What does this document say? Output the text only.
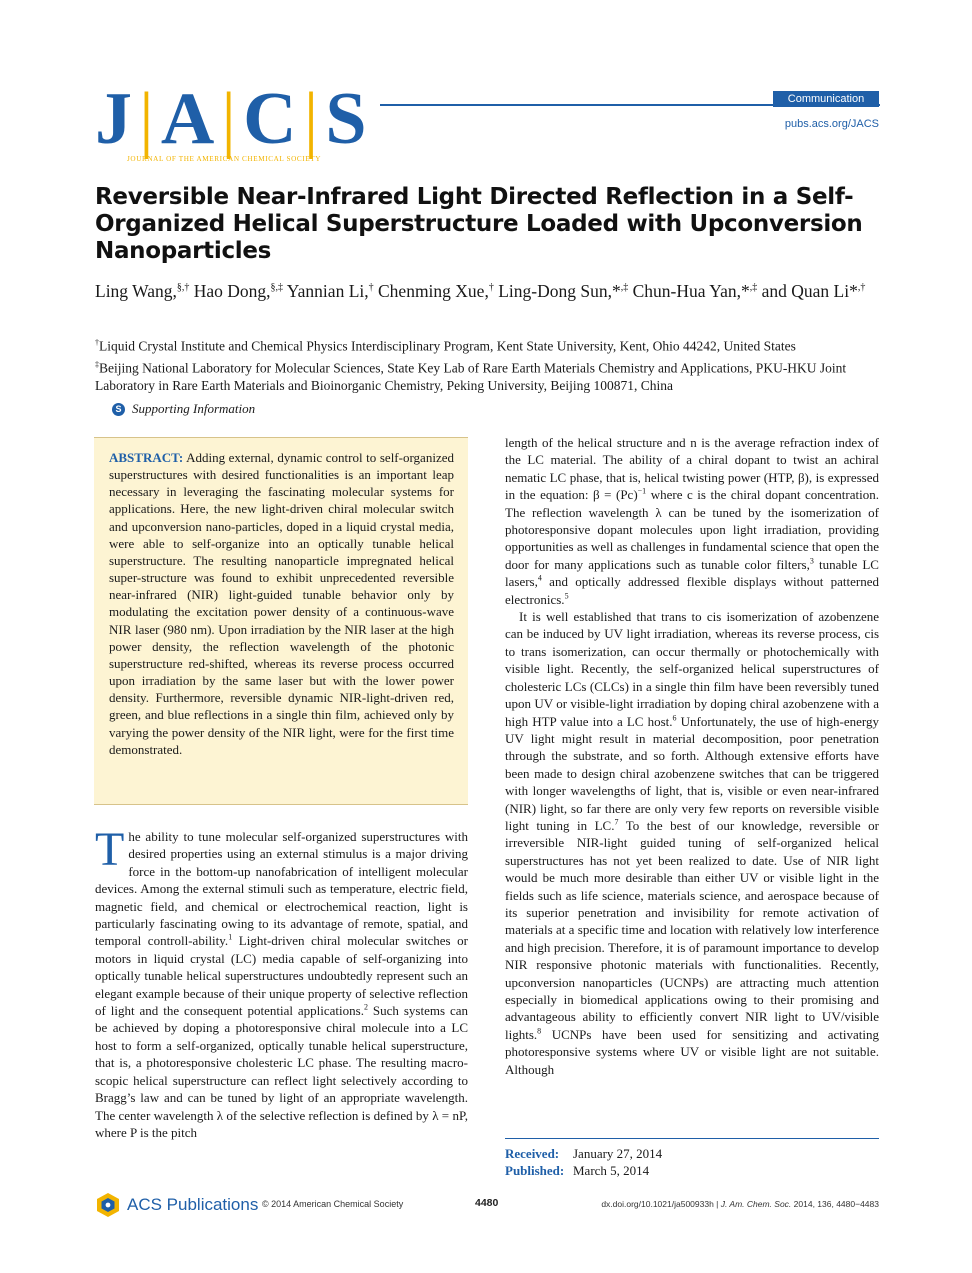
J|A|C|S
JOURNAL OF THE AMERICAN CHEMICAL SOCIETY
Communication
pubs.acs.org/JACS
Reversible Near-Infrared Light Directed Reflection in a Self-Organized Helical Superstructure Loaded with Upconversion Nanoparticles
Ling Wang,§,† Hao Dong,§,‡ Yannian Li,† Chenming Xue,† Ling-Dong Sun,*,‡ Chun-Hua Yan,*,‡ and Quan Li*,†
†Liquid Crystal Institute and Chemical Physics Interdisciplinary Program, Kent State University, Kent, Ohio 44242, United States
‡Beijing National Laboratory for Molecular Sciences, State Key Lab of Rare Earth Materials Chemistry and Applications, PKU-HKU Joint Laboratory in Rare Earth Materials and Bioinorganic Chemistry, Peking University, Beijing 100871, China
S Supporting Information
ABSTRACT: Adding external, dynamic control to self-organized superstructures with desired functionalities is an important leap necessary in leveraging the fascinating molecular systems for applications. Here, the new light-driven chiral molecular switch and upconversion nano-particles, doped in a liquid crystal media, were able to self-organize into an optically tunable helical superstructure. The resulting nanoparticle impregnated helical super-structure was found to exhibit unprecedented reversible near-infrared (NIR) light-guided tunable behavior only by modulating the excitation power density of a continuous-wave NIR laser (980 nm). Upon irradiation by the NIR laser at the high power density, the reflection wavelength of the photonic superstructure red-shifted, whereas its reverse process occurred upon irradiation by the same laser but with the lower power density. Furthermore, reversible dynamic NIR-light-driven red, green, and blue reflections in a single thin film, achieved only by varying the power density of the NIR light, were for the first time demonstrated.

The ability to tune molecular self-organized superstructures with desired properties using an external stimulus is a major driving force in the bottom-up nanofabrication of intelligent molecular devices. Among the external stimuli such as temperature, electric field, magnetic field, and chemical or electrochemical reaction, light is particularly fascinating owing to its advantage of remote, spatial, and temporal controll-ability.$^1$ Light-driven chiral molecular switches or motors in liquid crystal (LC) media capable of self-organizing into optically tunable helical superstructures undoubtedly represent such an elegant example because of their unique property of selective reflection of light and the consequent potential applications.$^2$ Such systems can be achieved by doping a photoresponsive chiral molecule into a LC host to form a self-organized, optically tunable helical superstructure, that is, a photoresponsive cholesteric LC phase. The resulting macro-scopic helical superstructure can reflect light selectively according to Bragg’s law and can be tuned by light of an appropriate wavelength. The center wavelength λ of the selective reflection is defined by λ = nP, where P is the pitch

length of the helical structure and n is the average refraction index of the LC material. The ability of a chiral dopant to twist an achiral nematic LC phase, that is, helical twisting power (HTP, β), is expressed in the equation: $\beta = (Pc)^{-1}$ where c is the chiral dopant concentration. The reflection wavelength λ can be tuned by the isomerization of photoresponsive dopant molecules upon light irradiation, providing opportunities as well as challenges in fundamental science that open the door for many applications such as tunable color filters,$^3$ tunable LC lasers,$^4$ and optically addressed flexible displays without patterned electronics.$^5$

It is well established that trans to cis isomerization of azobenzene can be induced by UV light irradiation, whereas its reverse process, cis to trans isomerization, can occur thermally or photochemically with visible light. Recently, the self-organized helical superstructures of cholesteric LCs (CLCs) in a single thin film have been reversibly tuned upon UV or visible-light irradiation by doping chiral azobenzene with a high HTP value into a LC host.$^6$ Unfortunately, the use of high-energy UV light might result in material decomposition, poor penetration through the substrate, and so forth. Although extensive efforts have been made to design chiral azobenzene switches that can be triggered with longer wavelengths of light, that is, visible or even near-infrared (NIR) light, so far there are only very few reports on reversible visible light tuning in LC.$^7$ To the best of our knowledge, reversible or irreversible NIR-light guided tuning of self-organized helical superstructures has not yet been realized to date. Use of NIR light would be much more desirable than either UV or visible light in the fields such as life science, materials science, and aerospace because of its superior penetration and invisibility for remote activation of materials at a specific time and location with relatively low interference and high precision. Therefore, it is of paramount importance to develop NIR responsive photonic materials with functionalities. Recently, upconversion nanoparticles (UCNPs) are attracting much attention especially in biomedical applications owing to their promising and advantageous ability to efficiently convert NIR light to UV/visible lights.$^8$ UCNPs have been used for sensitizing and activating photoresponsive systems where UV or visible light are not suitable. Although

Received: January 27, 2014
Published: March 5, 2014
ACS Publications © 2014 American Chemical Society	4480	dx.doi.org/10.1021/ja500933h | J. Am. Chem. Soc. 2014, 136, 4480−4483
